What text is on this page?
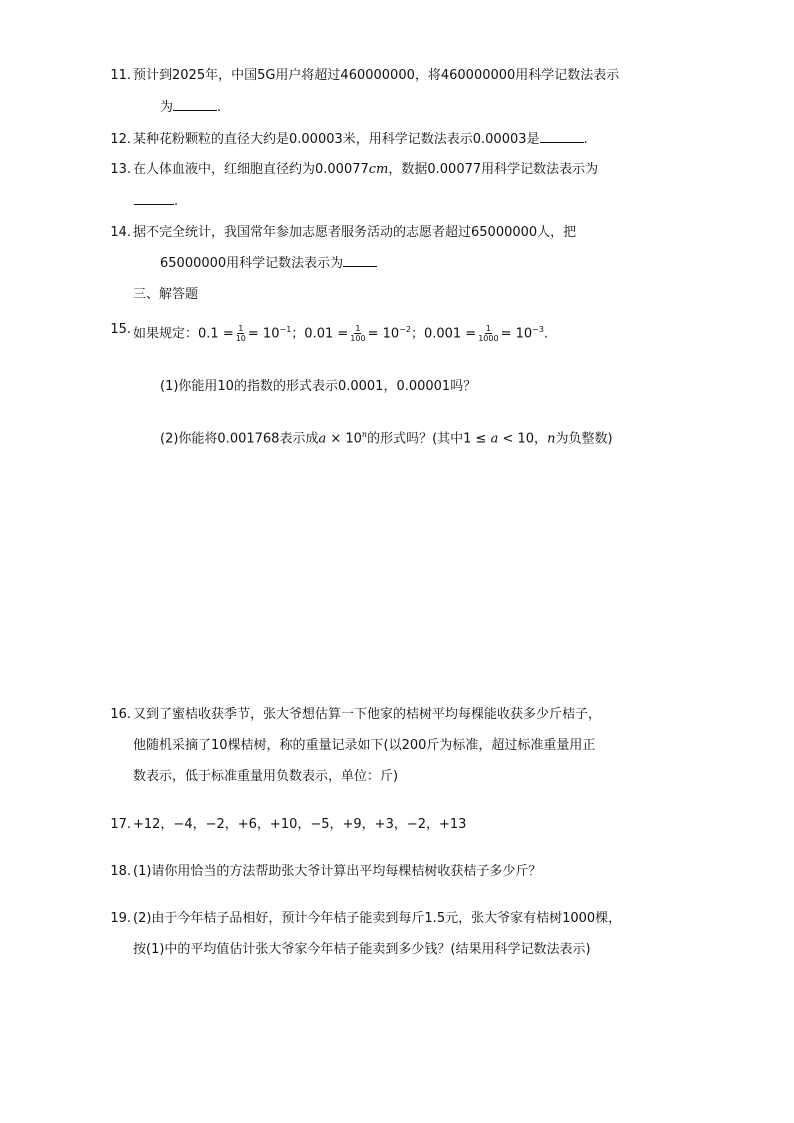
11. 预计到2025年，中国5G用户将超过460000000，将460000000用科学记数法表示
为	.
12. 某种花粉颗粒的直径大约是0.00003米，用科学记数法表示0.00003是	.
13. 在人体血液中，红细胞直径约为0.00077cm，数据0.00077用科学记数法表示为
.
14. 据不完全统计，我国常年参加志愿者服务活动的志愿者超过65000000人，把
65000000用科学记数法表示为
三、解答题
15. 如果规定：$0.1 = \frac{1}{10} = 10^{-1}$；$0.01 = \frac{1}{100} = 10^{-2}$；$0.001 = \frac{1}{1000} = 10^{-3}$.
(1)你能用10的指数的形式表示0.0001，0.00001吗？
(2)你能将0.001768表示成$a \times 10^n$的形式吗？(其中1 ≤ a < 10，n为负整数)
16. 又到了蜜桔收获季节，张大爷想估算一下他家的桔树平均每棵能收获多少斤桔子，
他随机采摘了10棵桔树，称的重量记录如下(以200斤为标准，超过标准重量用正
数表示，低于标准重量用负数表示，单位：斤)
17. +12，−4，−2，+6，+10，−5，+9，+3，−2，+13
18. (1)请你用恰当的方法帮助张大爷计算出平均每棵桔树收获桔子多少斤？
19. (2)由于今年桔子品相好，预计今年桔子能卖到每斤1.5元，张大爷家有桔树1000棵，
按(1)中的平均值估计张大爷家今年桔子能卖到多少钱？(结果用科学记数法表示)
